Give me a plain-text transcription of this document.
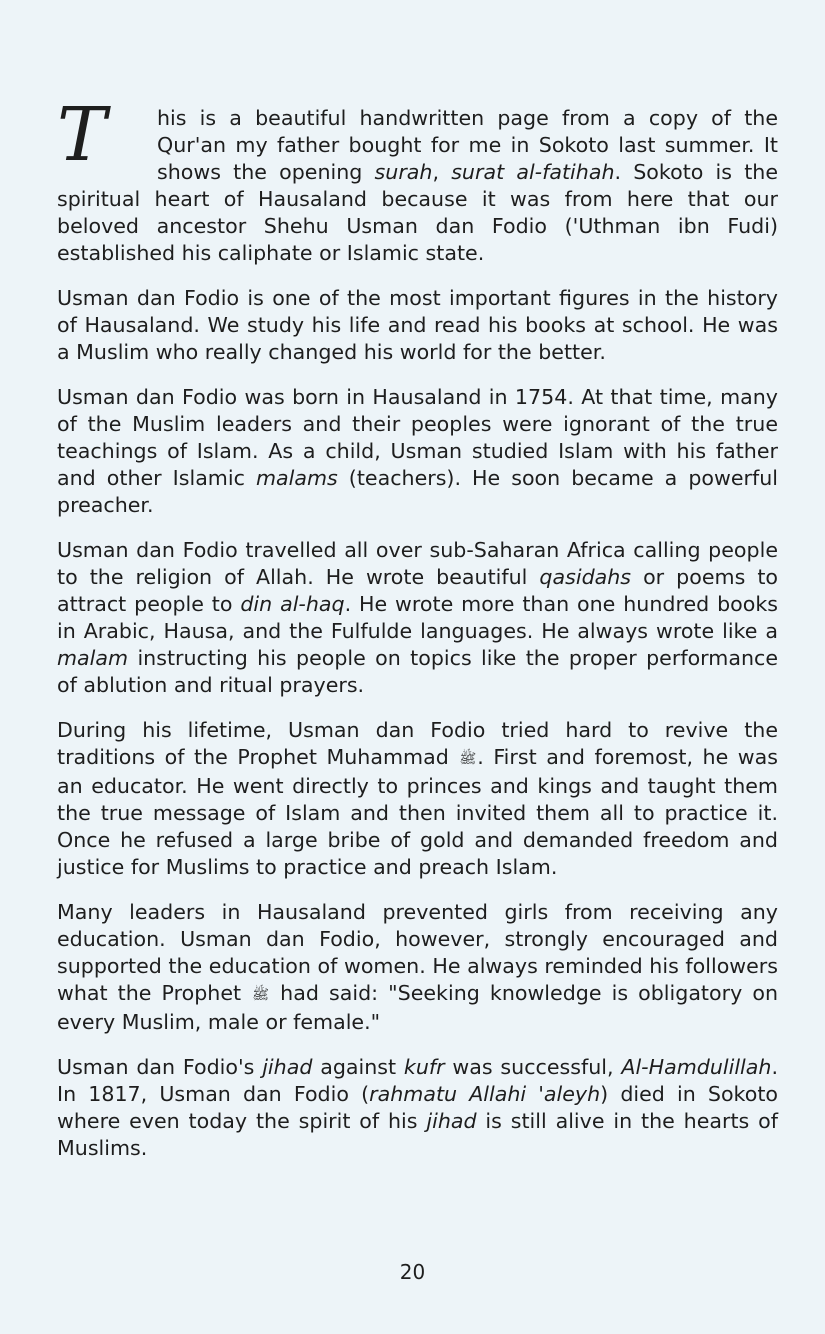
T	his is a beautiful handwritten page from a copy of the Qur'an my father bought for me in Sokoto last summer. It shows the opening surah, surat al-fatihah. Sokoto is the spiritual heart of Hausaland because it was from here that our beloved ancestor Shehu Usman dan Fodio ('Uthman ibn Fudi) established his caliphate or Islamic state.

Usman dan Fodio is one of the most important figures in the history of Hausaland. We study his life and read his books at school. He was a Muslim who really changed his world for the better.

Usman dan Fodio was born in Hausaland in 1754. At that time, many of the Muslim leaders and their peoples were ignorant of the true teachings of Islam. As a child, Usman studied Islam with his father and other Islamic malams (teachers). He soon became a powerful preacher.

Usman dan Fodio travelled all over sub-Saharan Africa calling people to the religion of Allah. He wrote beautiful qasidahs or poems to attract people to din al-haq. He wrote more than one hundred books in Arabic, Hausa, and the Fulfulde languages. He always wrote like a malam instructing his people on topics like the proper performance of ablution and ritual prayers.

During his lifetime, Usman dan Fodio tried hard to revive the traditions of the Prophet Muhammad ﷺ. First and foremost, he was an educator. He went directly to princes and kings and taught them the true message of Islam and then invited them all to practice it. Once he refused a large bribe of gold and demanded freedom and justice for Muslims to practice and preach Islam.

Many leaders in Hausaland prevented girls from receiving any education. Usman dan Fodio, however, strongly encouraged and supported the education of women. He always reminded his followers what the Prophet ﷺ had said: "Seeking knowledge is obligatory on every Muslim, male or female."

Usman dan Fodio's jihad against kufr was successful, Al-Hamdulillah. In 1817, Usman dan Fodio (rahmatu Allahi 'aleyh) died in Sokoto where even today the spirit of his jihad is still alive in the hearts of Muslims.

20
